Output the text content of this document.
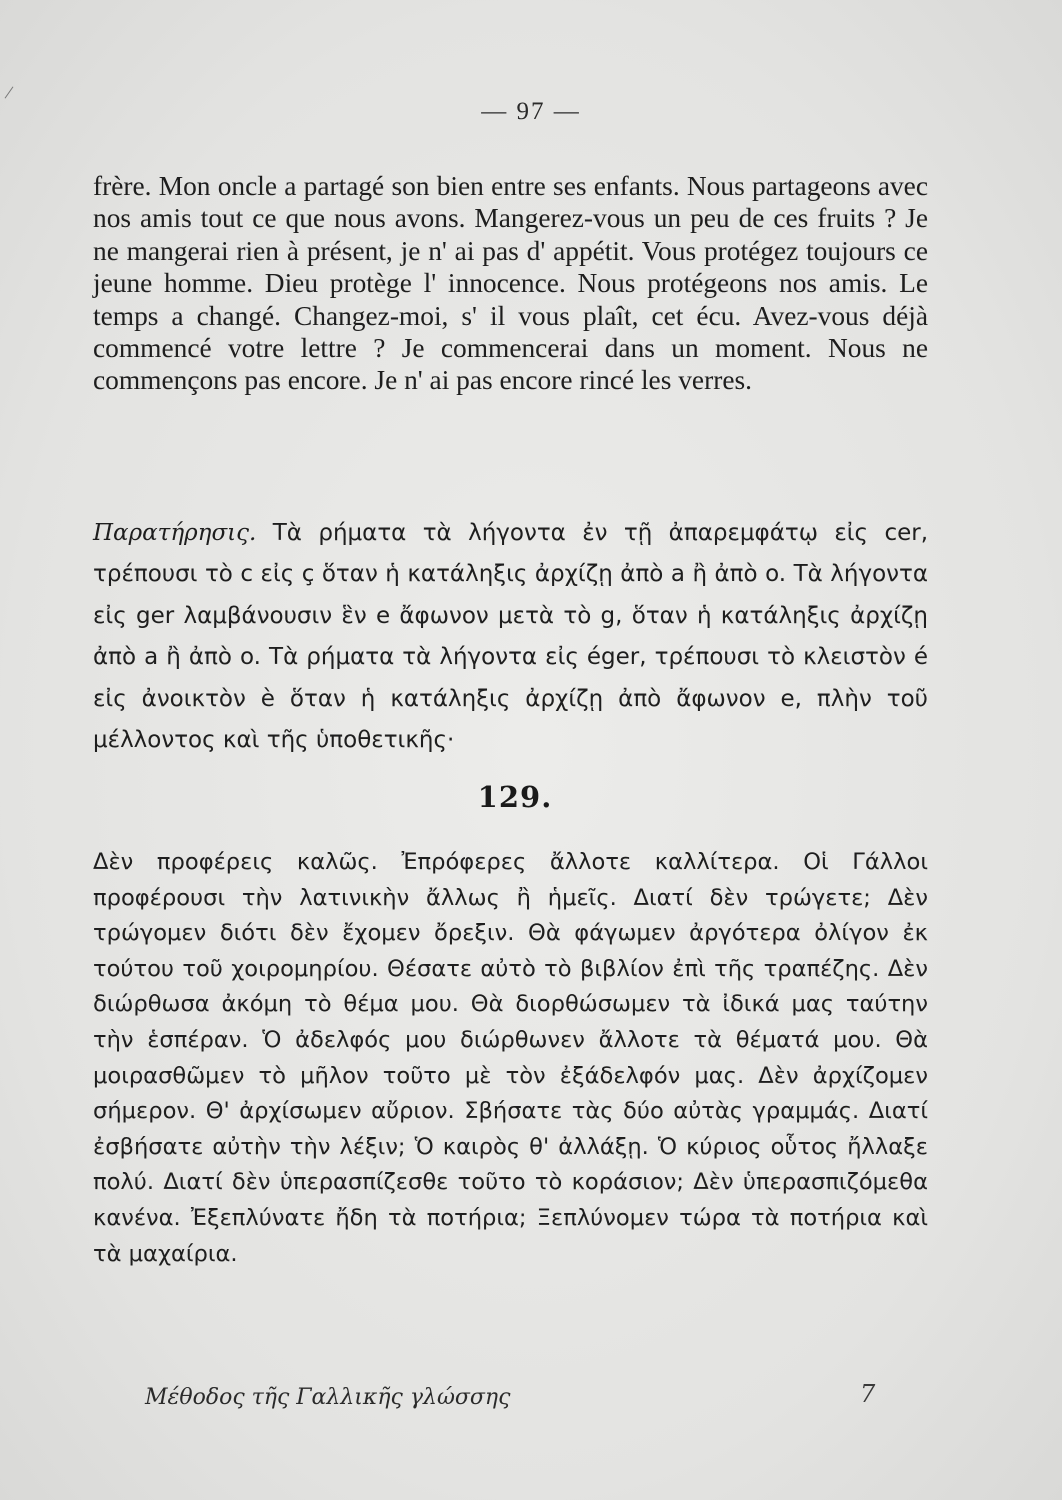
— 97 —
frère. Mon oncle a partagé son bien entre ses enfants. Nous partageons avec nos amis tout ce que nous avons. Mangerez-vous un peu de ces fruits ? Je ne mangerai rien à présent, je n' ai pas d' appétit. Vous protégez toujours ce jeune homme. Dieu protège l' innocence. Nous protégeons nos amis. Le temps a changé. Changez-moi, s' il vous plaît, cet écu. Avez-vous déjà commencé votre lettre ? Je commencerai dans un moment. Nous ne commençons pas encore. Je n' ai pas encore rincé les verres.
Παρατήρησις. Τὰ ρήματα τὰ λήγοντα ἐν τῇ ἀπαρεμφάτῳ εἰς cer, τρέπουσι τὸ c εἰς ç ὅταν ἡ κατάληξις ἀρχίζῃ ἀπὸ a ἢ ἀπὸ o. Τὰ λήγοντα εἰς ger λαμβάνουσιν ἓν e ἄφωνον μετὰ τὸ g, ὅταν ἡ κατάληξις ἀρχίζῃ ἀπὸ a ἢ ἀπὸ o. Τὰ ρήματα τὰ λήγοντα εἰς éger, τρέπουσι τὸ κλειστὸν é εἰς ἀνοικτὸν è ὅταν ἡ κατάληξις ἀρχίζῃ ἀπὸ ἄφωνον e, πλὴν τοῦ μέλλοντος καὶ τῆς ὑποθετικῆς·
129.
Δὲν προφέρεις καλῶς. Ἐπρόφερες ἄλλοτε καλλίτερα. Οἱ Γάλλοι προφέρουσι τὴν λατινικὴν ἄλλως ἢ ἡμεῖς. Διατί δὲν τρώγετε; Δὲν τρώγομεν διότι δὲν ἔχομεν ὄρεξιν. Θὰ φάγωμεν ἀργότερα ὀλίγον ἐκ τούτου τοῦ χοιρομηρίου. Θέσατε αὐτὸ τὸ βιβλίον ἐπὶ τῆς τραπέζης. Δὲν διώρθωσα ἀκόμη τὸ θέμα μου. Θὰ διορθώσωμεν τὰ ἰδικά μας ταύτην τὴν ἑσπέραν. Ὁ ἀδελφός μου διώρθωνεν ἄλλοτε τὰ θέματά μου. Θὰ μοιρασθῶμεν τὸ μῆλον τοῦτο μὲ τὸν ἐξάδελφόν μας. Δὲν ἀρχίζομεν σήμερον. Θ' ἀρχίσωμεν αὔριον. Σβήσατε τὰς δύο αὐτὰς γραμμάς. Διατί ἐσβήσατε αὐτὴν τὴν λέξιν; Ὁ καιρὸς θ' ἀλλάξῃ. Ὁ κύριος οὗτος ἤλλαξε πολύ. Διατί δὲν ὑπερασπίζεσθε τοῦτο τὸ κοράσιον; Δὲν ὑπερασπιζόμεθα κανένα. Ἐξεπλύνατε ἤδη τὰ ποτήρια; Ξεπλύνομεν τώρα τὰ ποτήρια καὶ τὰ μαχαίρια.
Μέθοδος τῆς Γαλλικῆς γλώσσης	7
